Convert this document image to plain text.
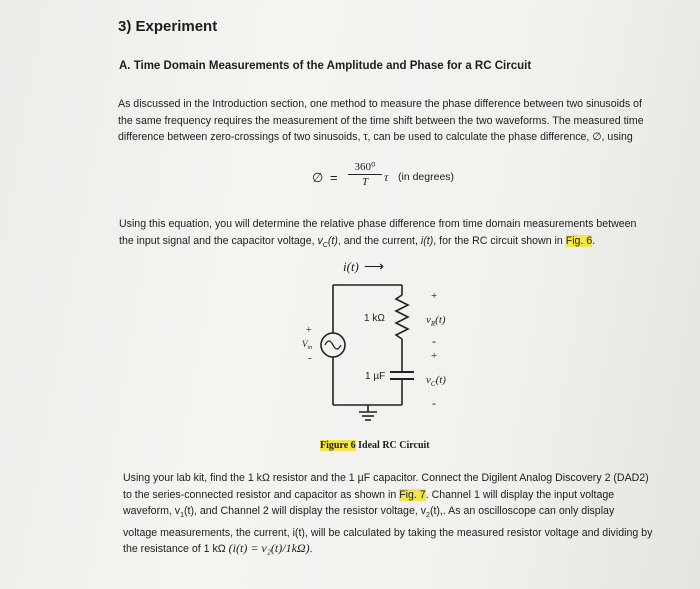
3) Experiment
A. Time Domain Measurements of the Amplitude and Phase for a RC Circuit
As discussed in the Introduction section, one method to measure the phase difference between two sinusoids of
the same frequency requires the measurement of the time shift between the two waveforms. The measured time
difference between zero-crossings of two sinusoids, τ, can be used to calculate the phase difference, ∅, using
∅ = $\frac{\text{360⁰}}{T}$ τ (in degrees)
Using this equation, you will determine the relative phase difference from time domain measurements between
the input signal and the capacitor voltage, $v_C(t)$, and the current, i(t), for the RC circuit shown in Fig. 6.
i(t) ⟶
1 kΩ
1 µF
+
$v_R(t)$
-
+
$v_C(t)$
-
+
$V_{in}$
-
Figure 6 Ideal RC Circuit
Using your lab kit, find the 1 kΩ resistor and the 1 µF capacitor. Connect the Digilent Analog Discovery 2 (DAD2)
to the series-connected resistor and capacitor as shown in Fig. 7. Channel 1 will display the input voltage
waveform, $v_1(t)$, and Channel 2 will display the resistor voltage, $v_2(t)$,. As an oscilloscope can only display
voltage measurements, the current, i(t), will be calculated by taking the measured resistor voltage and dividing by
the resistance of 1 kΩ (i(t) = v₂(t)/1kΩ).
